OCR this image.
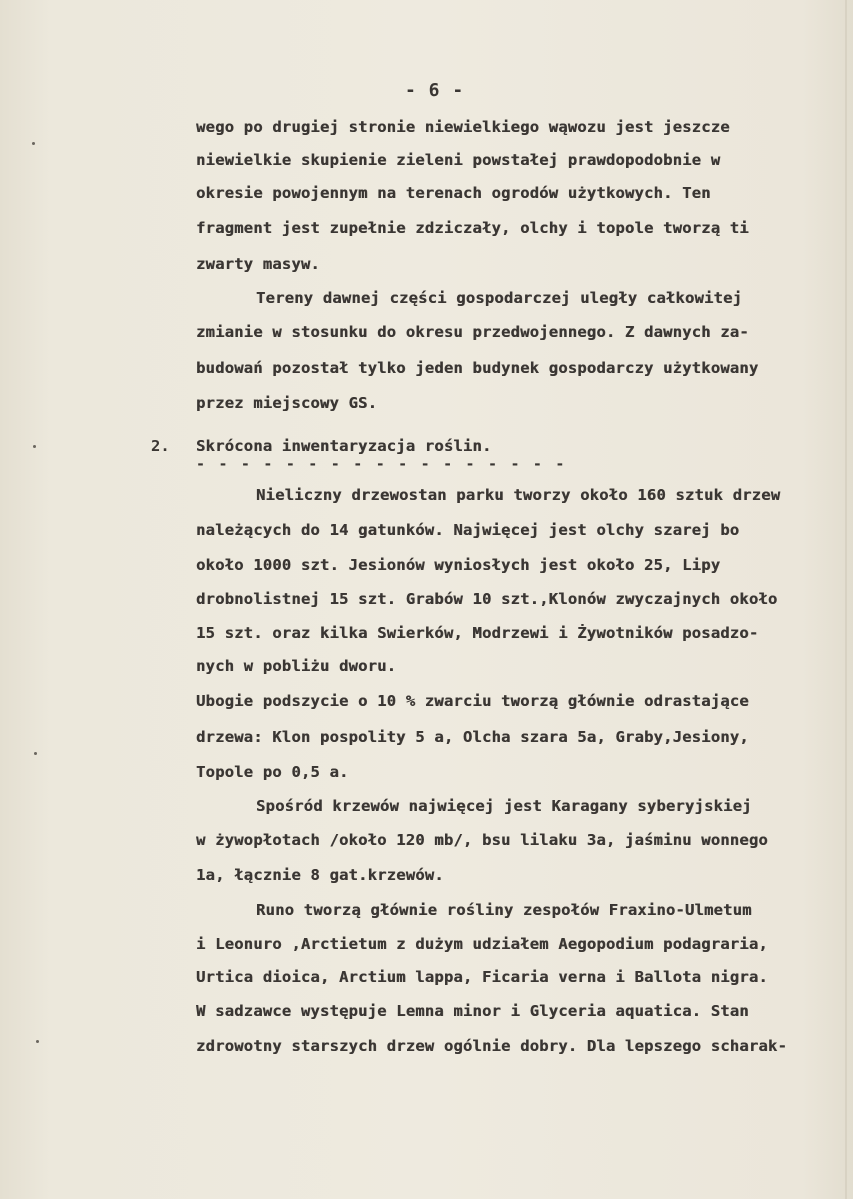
- 6 -
wego po drugiej stronie niewielkiego wąwozu jest jeszcze
niewielkie skupienie zieleni powstałej prawdopodobnie w
okresie powojennym na terenach ogrodów użytkowych. Ten
fragment jest zupełnie zdziczały, olchy i topole tworzą ti
zwarty masyw.
Tereny dawnej części gospodarczej uległy całkowitej
zmianie w stosunku do okresu przedwojennego. Z dawnych za-
budowań pozostał tylko jeden budynek gospodarczy użytkowany
przez miejscowy GS.
2. Skrócona inwentaryzacja roślin.
- - - - - - - - - - - - - - - - -
Nieliczny drzewostan parku tworzy około 160 sztuk drzew
należących do 14 gatunków. Najwięcej jest olchy szarej bo
około 1000 szt. Jesionów wyniosłych jest około 25, Lipy
drobnolistnej 15 szt. Grabów 10 szt.,Klonów zwyczajnych około
15 szt. oraz kilka Swierków, Modrzewi i Żywotników posadzo-
nych w pobliżu dworu.
Ubogie podszycie o 10 % zwarciu tworzą głównie odrastające
drzewa: Klon pospolity 5 a, Olcha szara 5a, Graby,Jesiony,
Topole po 0,5 a.
Spośród krzewów najwięcej jest Karagany syberyjskiej
w żywopłotach /około 120 mb/, bsu lilaku 3a, jaśminu wonnego
1a, łącznie 8 gat.krzewów.
Runo tworzą głównie rośliny zespołów Fraxino-Ulmetum
i Leonuro ,Arctietum z dużym udziałem Aegopodium podagraria,
Urtica dioica, Arctium lappa, Ficaria verna i Ballota nigra.
W sadzawce występuje Lemna minor i Glyceria aquatica. Stan
zdrowotny starszych drzew ogólnie dobry. Dla lepszego scharak-
